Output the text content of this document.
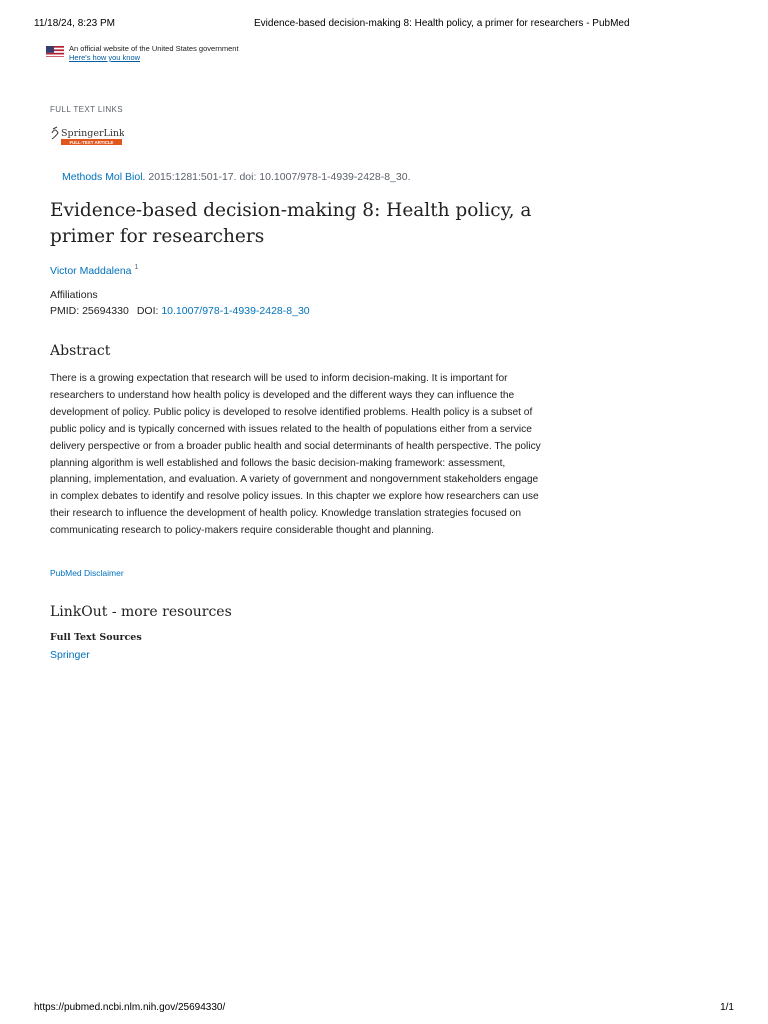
11/18/24, 8:23 PM	Evidence-based decision-making 8: Health policy, a primer for researchers - PubMed
An official website of the United States government
Here's how you know
FULL TEXT LINKS
SpringerLink
FULL-TEXT ARTICLE
Methods Mol Biol. 2015:1281:501-17. doi: 10.1007/978-1-4939-2428-8_30.
Evidence-based decision-making 8: Health policy, a primer for researchers
Victor Maddalena $^1$
Affiliations
PMID: 25694330 DOI: 10.1007/978-1-4939-2428-8_30
Abstract

There is a growing expectation that research will be used to inform decision-making. It is important for researchers to understand how health policy is developed and the different ways they can influence the development of policy. Public policy is developed to resolve identified problems. Health policy is a subset of public policy and is typically concerned with issues related to the health of populations either from a service delivery perspective or from a broader public health and social determinants of health perspective. The policy planning algorithm is well established and follows the basic decision-making framework: assessment, planning, implementation, and evaluation. A variety of government and nongovernment stakeholders engage in complex debates to identify and resolve policy issues. In this chapter we explore how researchers can use their research to influence the development of health policy. Knowledge translation strategies focused on communicating research to policy-makers require considerable thought and planning.

PubMed Disclaimer
LinkOut - more resources
Full Text Sources
Springer
https://pubmed.ncbi.nlm.nih.gov/25694330/	1/1
